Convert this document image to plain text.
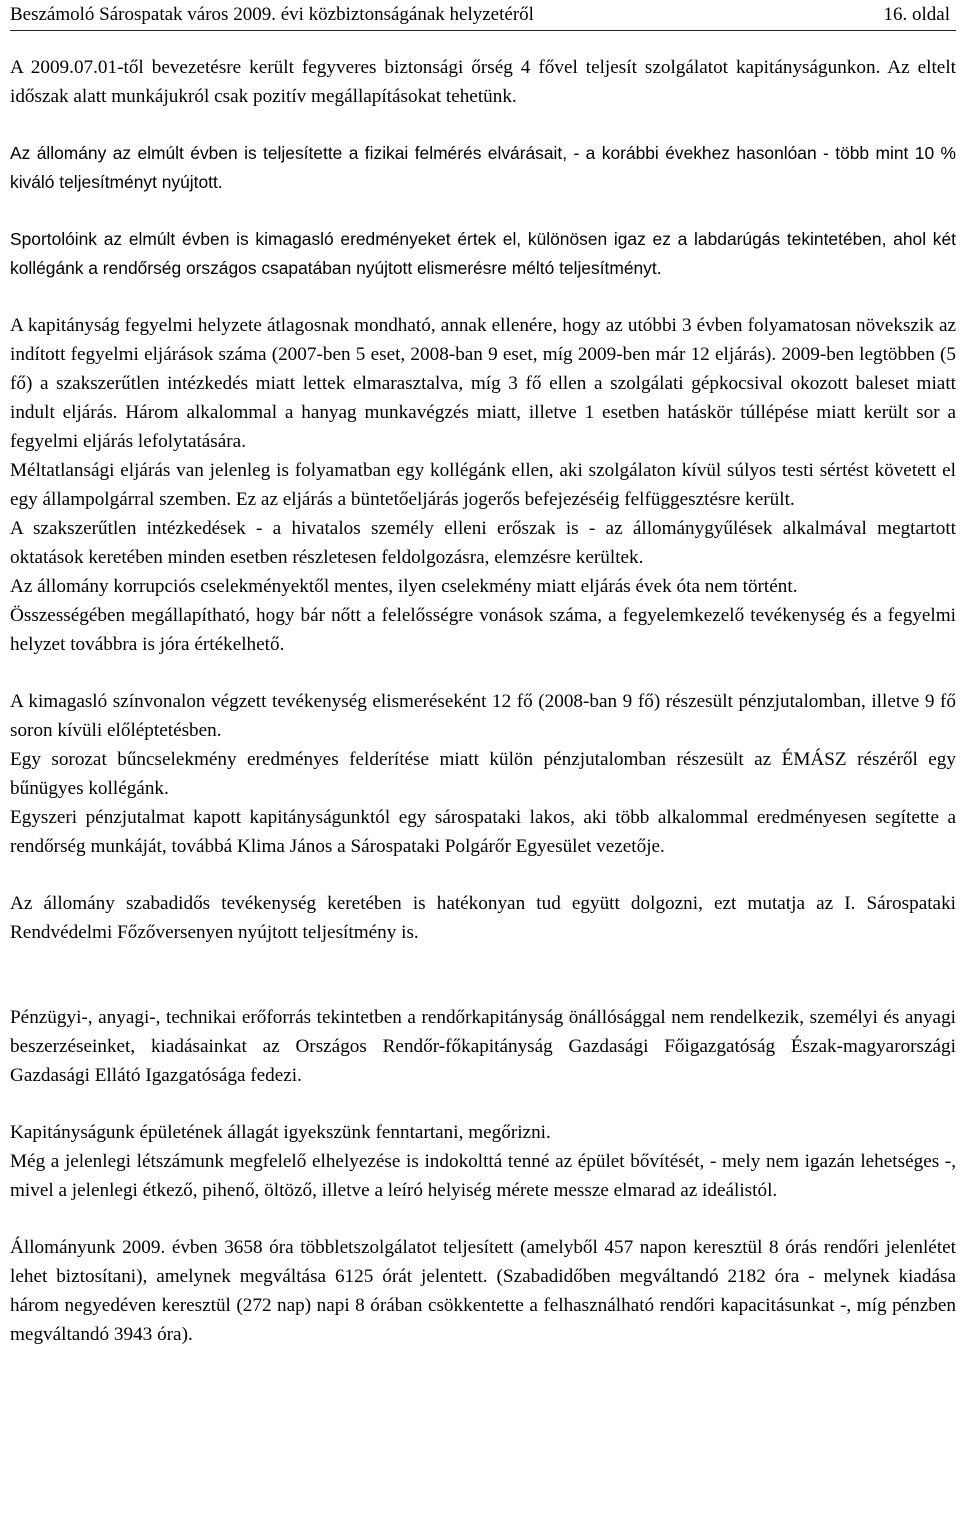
Beszámoló Sárospatak város 2009. évi közbiztonságának helyzetéről	16. oldal

A 2009.07.01-től bevezetésre került fegyveres biztonsági őrség 4 fővel teljesít szolgálatot kapitányságunkon. Az eltelt időszak alatt munkájukról csak pozitív megállapításokat tehetünk.

Az állomány az elmúlt évben is teljesítette a fizikai felmérés elvárásait, - a korábbi évekhez hasonlóan - több mint 10 % kiváló teljesítményt nyújtott.

Sportolóink az elmúlt évben is kimagasló eredményeket értek el, különösen igaz ez a labdarúgás tekintetében, ahol két kollégánk a rendőrség országos csapatában nyújtott elismerésre méltó teljesítményt.

A kapitányság fegyelmi helyzete átlagosnak mondható, annak ellenére, hogy az utóbbi 3 évben folyamatosan növekszik az indított fegyelmi eljárások száma (2007-ben 5 eset, 2008-ban 9 eset, míg 2009-ben már 12 eljárás). 2009-ben legtöbben (5 fő) a szakszerűtlen intézkedés miatt lettek elmarasztalva, míg 3 fő ellen a szolgálati gépkocsival okozott baleset miatt indult eljárás. Három alkalommal a hanyag munkavégzés miatt, illetve 1 esetben hatáskör túllépése miatt került sor a fegyelmi eljárás lefolytatására.

Méltatlansági eljárás van jelenleg is folyamatban egy kollégánk ellen, aki szolgálaton kívül súlyos testi sértést követett el egy állampolgárral szemben. Ez az eljárás a büntetőeljárás jogerős befejezéséig felfüggesztésre került.

A szakszerűtlen intézkedések - a hivatalos személy elleni erőszak is - az állománygyűlések alkalmával megtartott oktatások keretében minden esetben részletesen feldolgozásra, elemzésre kerültek.

Az állomány korrupciós cselekményektől mentes, ilyen cselekmény miatt eljárás évek óta nem történt.

Összességében megállapítható, hogy bár nőtt a felelősségre vonások száma, a fegyelemkezelő tevékenység és a fegyelmi helyzet továbbra is jóra értékelhető.

A kimagasló színvonalon végzett tevékenység elismeréseként 12 fő (2008-ban 9 fő) részesült pénzjutalomban, illetve 9 fő soron kívüli előléptetésben.

Egy sorozat bűncselekmény eredményes felderítése miatt külön pénzjutalomban részesült az ÉMÁSZ részéről egy bűnügyes kollégánk.

Egyszeri pénzjutalmat kapott kapitányságunktól egy sárospataki lakos, aki több alkalommal eredményesen segítette a rendőrség munkáját, továbbá Klima János a Sárospataki Polgárőr Egyesület vezetője.

Az állomány szabadidős tevékenység keretében is hatékonyan tud együtt dolgozni, ezt mutatja az I. Sárospataki Rendvédelmi Főzőversenyen nyújtott teljesítmény is.

Pénzügyi-, anyagi-, technikai erőforrás tekintetben a rendőrkapitányság önállósággal nem rendelkezik, személyi és anyagi beszerzéseinket, kiadásainkat az Országos Rendőr-főkapitányság Gazdasági Főigazgatóság Észak-magyarországi Gazdasági Ellátó Igazgatósága fedezi.

Kapitányságunk épületének állagát igyekszünk fenntartani, megőrizni.

Még a jelenlegi létszámunk megfelelő elhelyezése is indokolttá tenné az épület bővítését, - mely nem igazán lehetséges -, mivel a jelenlegi étkező, pihenő, öltöző, illetve a leíró helyiség mérete messze elmarad az ideálistól.

Állományunk 2009. évben 3658 óra többletszolgálatot teljesített (amelyből 457 napon keresztül 8 órás rendőri jelenlétet lehet biztosítani), amelynek megváltása 6125 órát jelentett. (Szabadidőben megváltandó 2182 óra - melynek kiadása három negyedéven keresztül (272 nap) napi 8 órában csökkentette a felhasználható rendőri kapacitásunkat -, míg pénzben megváltandó 3943 óra).
